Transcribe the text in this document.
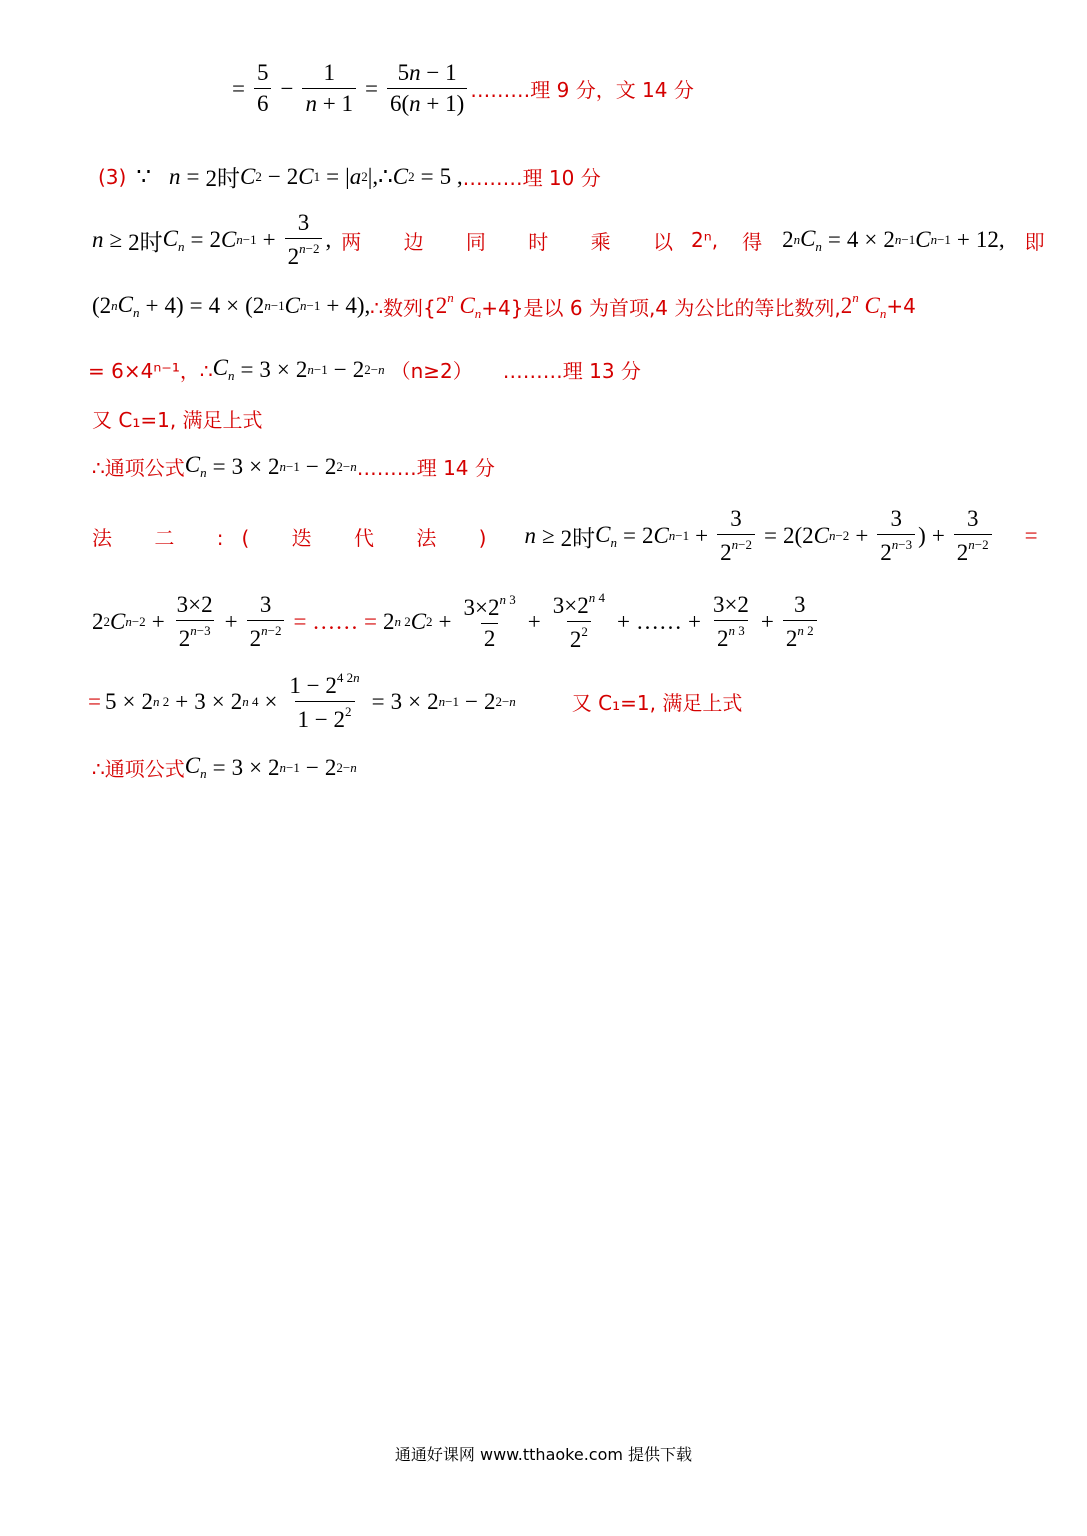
= $\frac{5}{6} - \frac{1}{n + 1} = \frac{5n - 1}{6(n + 1)}$ ………理 9 分，文 14 分
(3) ∵ n = 2时 C 2 − 2 C 1 = | a 2 |,∴ C 2 = 5 , ………理 10 分
n ≥ 2时 $C_n = 2$ C $n-1 + \frac{3}{2^{n-2}}$ , 两 边 同 时 乘 以 2ⁿ, 得 2 n $C_n = 4 \times 2$ n−1 C n−1 + 12, 即
(2 n $C_n + 4) = 4 \times (2$ n−1 C n−1 + 4), ∴数列{ 2$^n$ $C_n +4$}是以 6 为首项,4 为公比的等比数列, 2$^n$ $C_n +4$
= 6×4ⁿ⁻¹，∴ $C_n = 3 \times 2$ n−1 − 2 2−n （n≥2） ………理 13 分
又 C₁=1, 满足上式
∴通项公式 $C_n = 3 \times 2$ n−1 − 2 2−n ………理 14 分
法 二 :( 迭 代 法 ) n ≥ 2时 $C_n = 2$ C $n-1 + \frac{3}{2^{n-2}} = 2(2$ C $n-2 + \frac{3}{2^{n-3}}$ ) + $\frac{3}{2^{n-2}}$ =
2 2 C $n-2 + \frac{3\times 2}{2^{n-3}} + \frac{3}{2^{n-2}}$ = …… = 2 n 2 C $2 + \frac{3\times 2^{n 3}}{2} + \frac{3\times 2^{n 4}}{2^2}$ + …… + $\frac{3\times 2}{2^{n 3}} + \frac{3}{2^{n 2}}$
= 5 × 2 n 2 + 3 × 2 n $4 \times \frac{1 - 2^{4 2n}}{1 - 2^2} = 3 \times 2$ n−1 − 2 2−n	又 C₁=1, 满足上式
∴通项公式 $C_n = 3 \times 2$ n−1 − 2 2−n
通通好课网 www.tthaoke.com 提供下载
